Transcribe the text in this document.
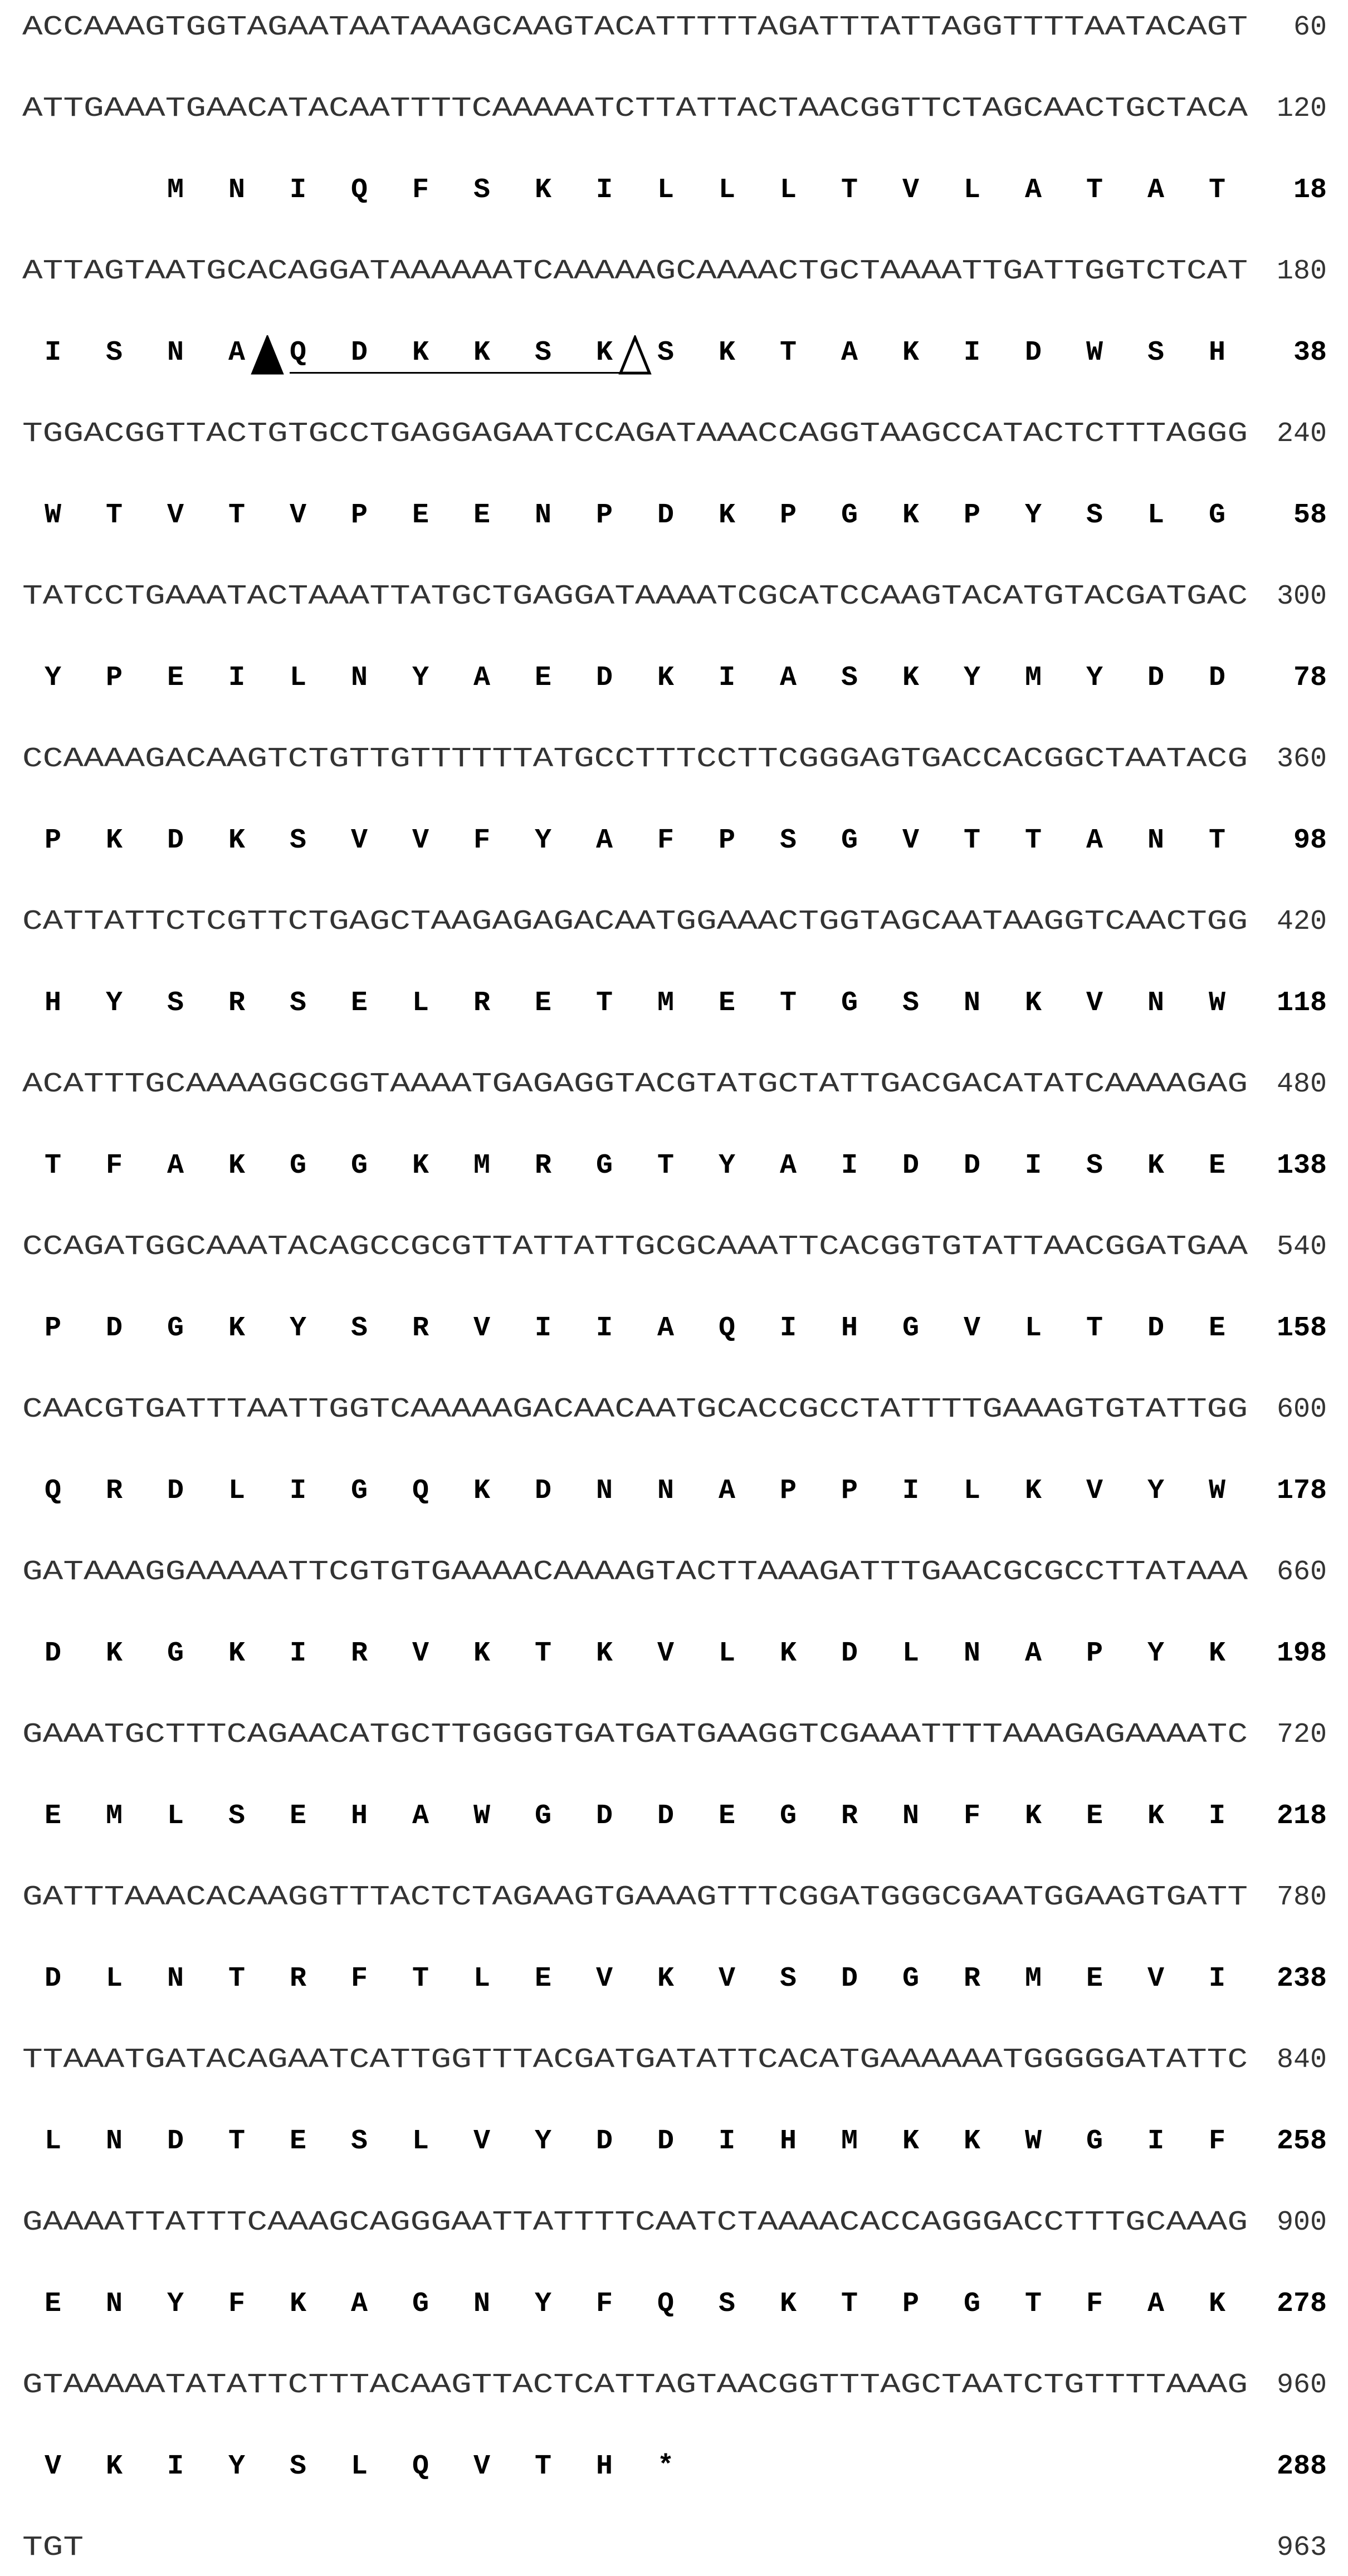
ACCAAAGTGGTAGAATAATAAAGCAAGTACATTTTTAGATTTATTAGGTTTTAATACAGT 60
ATTGAAATGAACATACAATTTTCAAAAATCTTATTACTAACGGTTCTAGCAACTGCTACA 120
M	N	I	Q	F	S	K	I	L	L	L	T	V	L	A	T	A	T	18
ATTAGTAATGCACAGGATAAAAAATCAAAAAGCAAAACTGCTAAAATTGATTGGTCTCAT 180
I	S	N	A	Q	D	K	K	S	K	S	K	T	A	K	I	D	W	S	H	38
TGGACGGTTACTGTGCCTGAGGAGAATCCAGATAAACCAGGTAAGCCATACTCTTTAGGG 240
W	T	V	T	V	P	E	E	N	P	D	K	P	G	K	P	Y	S	L	G	58
TATCCTGAAATACTAAATTATGCTGAGGATAAAATCGCATCCAAGTACATGTACGATGAC 300
Y	P	E	I	L	N	Y	A	E	D	K	I	A	S	K	Y	M	Y	D	D	78
CCAAAAGACAAGTCTGTTGTTTTTTATGCCTTTCCTTCGGGAGTGACCACGGCTAATACG 360
P	K	D	K	S	V	V	F	Y	A	F	P	S	G	V	T	T	A	N	T	98
CATTATTCTCGTTCTGAGCTAAGAGAGACAATGGAAACTGGTAGCAATAAGGTCAACTGG 420
H	Y	S	R	S	E	L	R	E	T	M	E	T	G	S	N	K	V	N	W	118
ACATTTGCAAAAGGCGGTAAAATGAGAGGTACGTATGCTATTGACGACATATCAAAAGAG 480
T	F	A	K	G	G	K	M	R	G	T	Y	A	I	D	D	I	S	K	E	138
CCAGATGGCAAATACAGCCGCGTTATTATTGCGCAAATTCACGGTGTATTAACGGATGAA 540
P	D	G	K	Y	S	R	V	I	I	A	Q	I	H	G	V	L	T	D	E	158
CAACGTGATTTAATTGGTCAAAAAGACAACAATGCACCGCCTATTTTGAAAGTGTATTGG 600
Q	R	D	L	I	G	Q	K	D	N	N	A	P	P	I	L	K	V	Y	W	178
GATAAAGGAAAAATTCGTGTGAAAACAAAAGTACTTAAAGATTTGAACGCGCCTTATAAA 660
D	K	G	K	I	R	V	K	T	K	V	L	K	D	L	N	A	P	Y	K	198
GAAATGCTTTCAGAACATGCTTGGGGTGATGATGAAGGTCGAAATTTTAAAGAGAAAATC 720
E	M	L	S	E	H	A	W	G	D	D	E	G	R	N	F	K	E	K	I	218
GATTTAAACACAAGGTTTACTCTAGAAGTGAAAGTTTCGGATGGGCGAATGGAAGTGATT 780
D	L	N	T	R	F	T	L	E	V	K	V	S	D	G	R	M	E	V	I	238
TTAAATGATACAGAATCATTGGTTTACGATGATATTCACATGAAAAAATGGGGGATATTC 840
L	N	D	T	E	S	L	V	Y	D	D	I	H	M	K	K	W	G	I	F	258
GAAAATTATTTCAAAGCAGGGAATTATTTTCAATCTAAAACACCAGGGACCTTTGCAAAG 900
E	N	Y	F	K	A	G	N	Y	F	Q	S	K	T	P	G	T	F	A	K	278
GTAAAAATATATTCTTTACAAGTTACTCATTAGTAACGGTTTAGCTAATCTGTTTTAAAG 960
V	K	I	Y	S	L	Q	V	T	H	*	288
TGT	963
